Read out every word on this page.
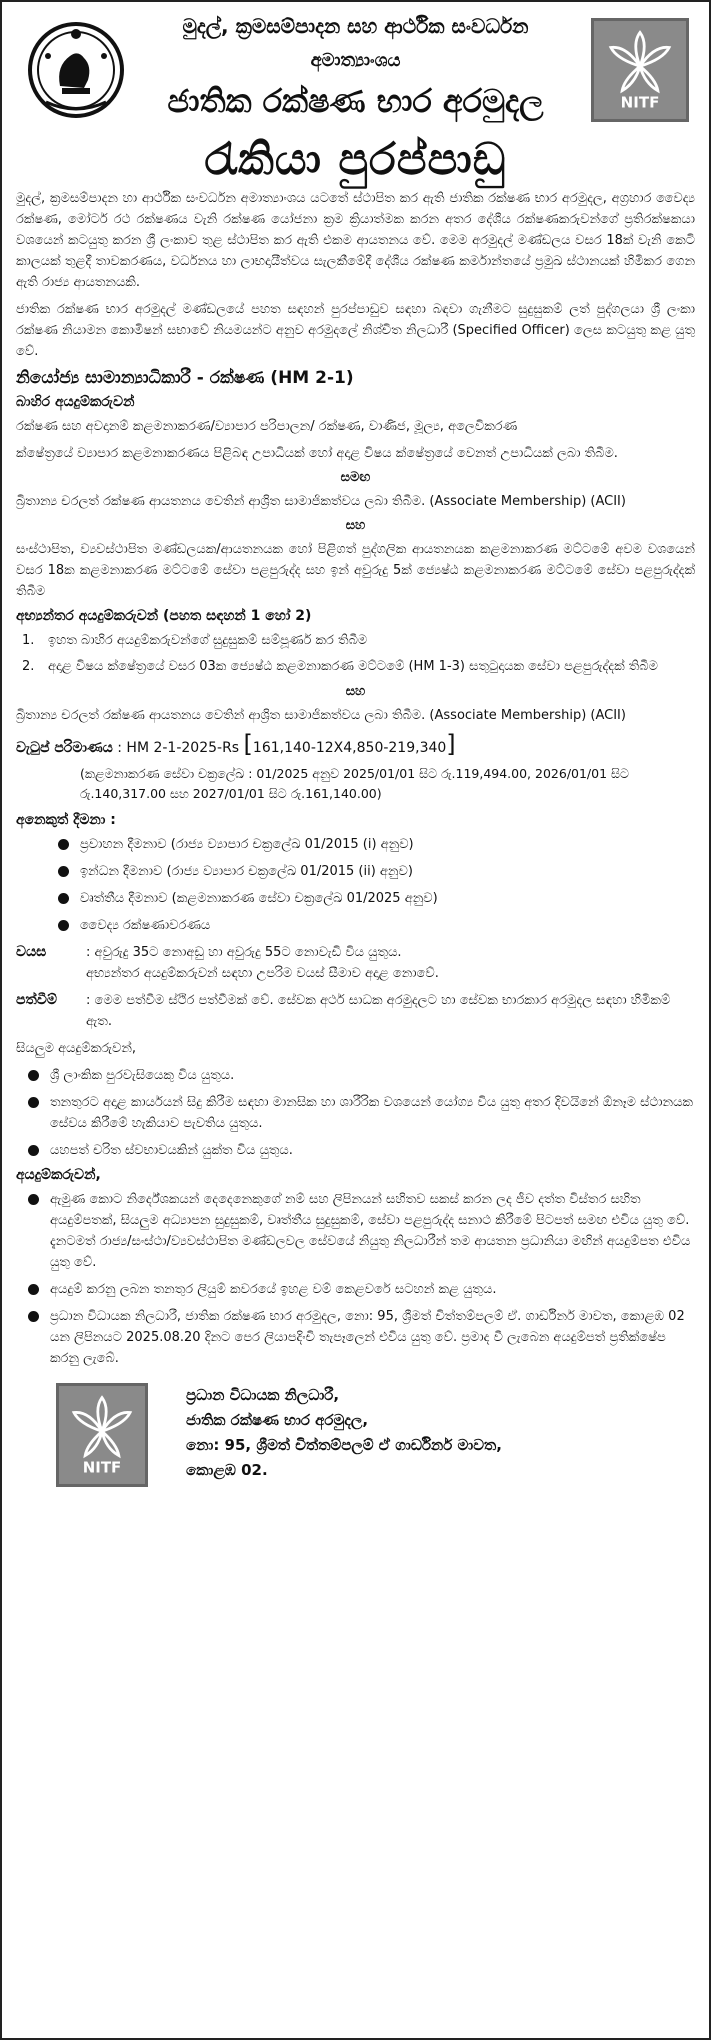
මුදල්, ක්‍රමසම්පාදන සහ ආර්ථික සංවර්ධන
අමාත්‍යාංශය
ජාතික රක්ෂණ භාර අරමුදල
රැකියා පුරප්පාඩු
NITF

මුදල්, ක්‍රමසම්පාදන හා ආර්ථික සංවර්ධන අමාත්‍යාංශය යටතේ ස්ථාපිත කර ඇති ජාතික රක්ෂණ භාර අරමුදල, අග්‍රහාර වෛද්‍ය රක්ෂණ, මෝටර් රථ රක්ෂණය වැනි රක්ෂණ යෝජනා ක්‍රම ක්‍රියාත්මක කරන අතර දේශීය රක්ෂණකරුවන්ගේ ප්‍රතිරක්ෂකයා වශයෙන් කටයුතු කරන ශ්‍රී ලංකාව තුළ ස්ථාපිත කර ඇති එකම ආයතනය වේ. මෙම අරමුදල් මණ්ඩලය වසර 18ක් වැනි කෙටි කාලයක් තුළදී තාවකරණය, වර්ධනය හා ලාභදායීත්වය සැලකීමේදී දේශීය රක්ෂණ කර්මාන්තයේ ප්‍රමුඛ ස්ථානයක් හිමිකර ගෙන ඇති රාජ්‍ය ආයතනයකි.

ජාතික රක්ෂණ භාර අරමුදල් මණ්ඩලයේ පහත සඳහන් පුරප්පාඩුව සඳහා බඳවා ගැනීමට සුදුසුකම් ලත් පුද්ගලයා ශ්‍රී ලංකා රක්ෂණ නියාමන කොමිෂන් සභාවේ නියමයන්ට අනුව අරමුදලේ නිශ්චිත නිලධාරී (Specified Officer) ලෙස කටයුතු කළ යුතු වේ.

නියෝජ්‍ය සාමාන්‍යාධිකාරී - රක්ෂණ (HM 2-1)
බාහිර අයදුම්කරුවන්

රක්ෂණ සහ අවදානම් කළමනාකරණ/ව්‍යාපාර පරිපාලන/ රක්ෂණ, වාණිජ, මූල්‍ය, අලෙවිකරණ

ක්ෂේත්‍රයේ ව්‍යාපාර කළමනාකරණය පිළිබඳ උපාධියක් හෝ අදාළ විෂය ක්ෂේත්‍රයේ වෙනත් උපාධියක් ලබා තිබීම.

සමඟ

බ්‍රිතාන්‍ය චරලත් රක්ෂණ ආයතනය වෙතින් ආශ්‍රිත සාමාජිකත්වය ලබා තිබීම. (Associate Membership) (ACII)

සහ

සංස්ථාපිත, ව්‍යවස්ථාපිත මණ්ඩලයක/ආයතනයක හෝ පිළිගත් පුද්ගලික ආයතනයක කළමනාකරණ මට්ටමේ අවම වශයෙන් වසර 18ක කළමනාකරණ මට්ටමේ සේවා පළපුරුද්ද සහ ඉන් අවුරුදු 5ක් ජ්‍යෙෂ්ඨ කළමනාකරණ මට්ටමේ සේවා පළපුරුද්දක් තිබීම

අභ්‍යන්තර අයදුම්කරුවන් (පහත සඳහන් 1 හෝ 2)
1.	ඉහත බාහිර අයදුම්කරුවන්ගේ සුදුසුකම් සම්පූර්ණ කර තිබීම
2.	අදාළ විෂය ක්ෂේත්‍රයේ වසර 03ක ජ්‍යෙෂ්ඨ කළමනාකරණ මට්ටමේ (HM 1-3) සතුටුදායක සේවා පළපුරුද්දක් තිබීම
සහ

බ්‍රිතාන්‍ය චරලත් රක්ෂණ ආයතනය වෙතින් ආශ්‍රිත සාමාජිකත්වය ලබා තිබීම. (Associate Membership) (ACII)

වැටුප් පරිමාණය : HM 2-1-2025-Rs [161,140-12X4,850-219,340]
(කළමනාකරණ සේවා චක්‍රලේඛ : 01/2025 අනුව 2025/01/01 සිට රු.119,494.00, 2026/01/01 සිට රු.140,317.00 සහ 2027/01/01 සිට රු.161,140.00)
අනෙකුත් දීමනා :
ප්‍රවාහන දීමනාව (රාජ්‍ය ව්‍යාපාර චක්‍රලේඛ 01/2015 (i) අනුව)
ඉන්ධන දීමනාව (රාජ්‍ය ව්‍යාපාර චක්‍රලේඛ 01/2015 (ii) අනුව)
වෘත්තීය දීමනාව (කළමනාකරණ සේවා චක්‍රලේඛ 01/2025 අනුව)
වෛද්‍ය රක්ෂණාවරණය
වයස	: අවුරුදු 35ට නොඅඩු හා අවුරුදු 55ට නොවැඩි විය යුතුය.
අභ්‍යන්තර අයදුම්කරුවන් සඳහා උපරිම වයස් සීමාව අදාළ නොවේ.
පත්වීම්	: මෙම පත්වීම ස්ථිර පත්වීමක් වේ. සේවක අර්ථ සාධක අරමුදලට හා සේවක භාරකාර අරමුදල සඳහා හිමිකම් ඇත.
සියලුම අයදුම්කරුවන්,
ශ්‍රී ලාංකික පුරවැසියෙකු විය යුතුය.
තනතුරට අදාළ කාර්යයන් සිදු කිරීම සඳහා මානසික හා ශාරීරික වශයෙන් යෝග්‍ය විය යුතු අතර දිවයිනේ ඕනෑම ස්ථානයක සේවය කිරීමේ හැකියාව පැවතිය යුතුය.
යහපත් චරිත ස්වභාවයකින් යුක්ත විය යුතුය.
අයදුම්කරුවන්,
ඇමුණ කොට නිර්දේශකයන් දෙදෙනෙකුගේ නම් සහ ලිපිනයන් සහිතව සකස් කරන ලද ජීව දත්ත විස්තර සහිත අයදුම්පතක්, සියලුම අධ්‍යාපන සුදුසුකම්, වෘත්තීය සුදුසුකම්, සේවා පළපුරුද්ද සනාථ කිරීමේ පිටපත් සමඟ එවිය යුතු වේ. දැනටමත් රාජ්‍ය/සංස්ථා/ව්‍යවස්ථාපිත මණ්ඩලවල සේවයේ නියුතු නිලධාරීන් තම ආයතන ප්‍රධානියා මඟින් අයදුම්පත එවිය යුතු වේ.
අයදුම් කරනු ලබන තනතුර ලියුම් කවරයේ ඉහළ වම් කෙළවරේ සටහන් කළ යුතුය.
ප්‍රධාන විධායක නිලධාරී, ජාතික රක්ෂණ භාර අරමුදල, නො: 95, ශ්‍රීමත් චිත්තම්පලම් ඒ. ගාර්ඩිනර් මාවත, කොළඹ 02 යන ලිපිනයට 2025.08.20 දිනට පෙර ලියාපදිංචි තැපෑලෙන් එවිය යුතු වේ. ප්‍රමාද වී ලැබෙන අයදුම්පත් ප්‍රතික්ෂේප කරනු ලැබේ.
NITF
ප්‍රධාන විධායක නිලධාරී,
ජාතික රක්ෂණ භාර අරමුදල,
නො: 95, ශ්‍රීමත් චිත්තම්පලම් ඒ ගාර්ඩිනර් මාවත,
කොළඹ 02.
